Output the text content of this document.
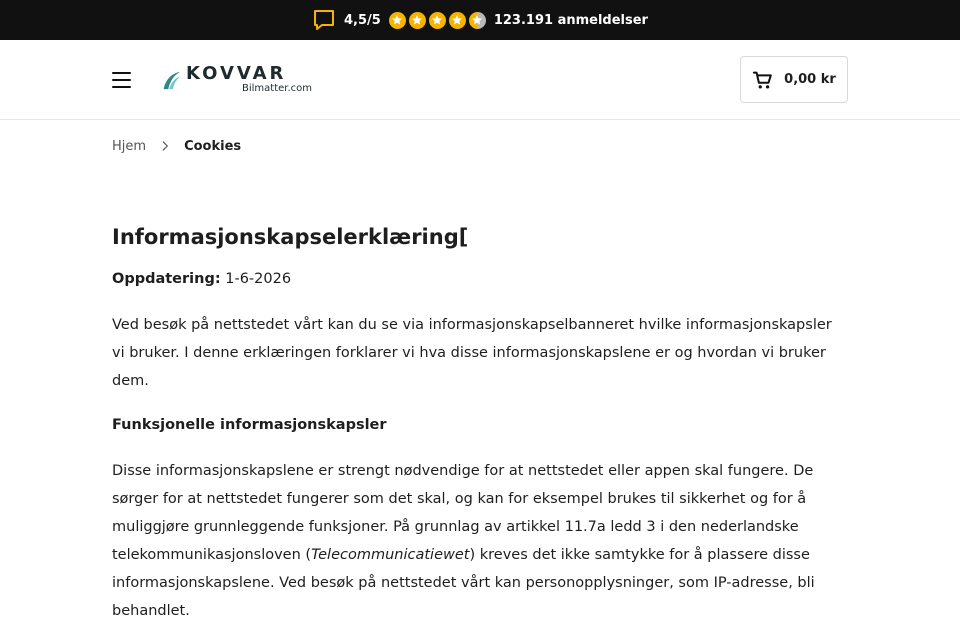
4,5/5	123.191 anmeldelser
KOVVAR
Bilmatter.com
0,00 kr
Hjem	Cookies
Informasjonskapselerklæring[

Oppdatering: 1-6-2026

Ved besøk på nettstedet vårt kan du se via informasjonskapselbanneret hvilke informasjonskapsler vi bruker. I denne erklæringen forklarer vi hva disse informasjonskapslene er og hvordan vi bruker dem.

Funksjonelle informasjonskapsler

Disse informasjonskapslene er strengt nødvendige for at nettstedet eller appen skal fungere. De sørger for at nettstedet fungerer som det skal, og kan for eksempel brukes til sikkerhet og for å muliggjøre grunnleggende funksjoner. På grunnlag av artikkel 11.7a ledd 3 i den nederlandske telekommunikasjonsloven (Telecommunicatiewet) kreves det ikke samtykke for å plassere disse informasjonskapslene. Ved besøk på nettstedet vårt kan personopplysninger, som IP-adresse, bli behandlet.
